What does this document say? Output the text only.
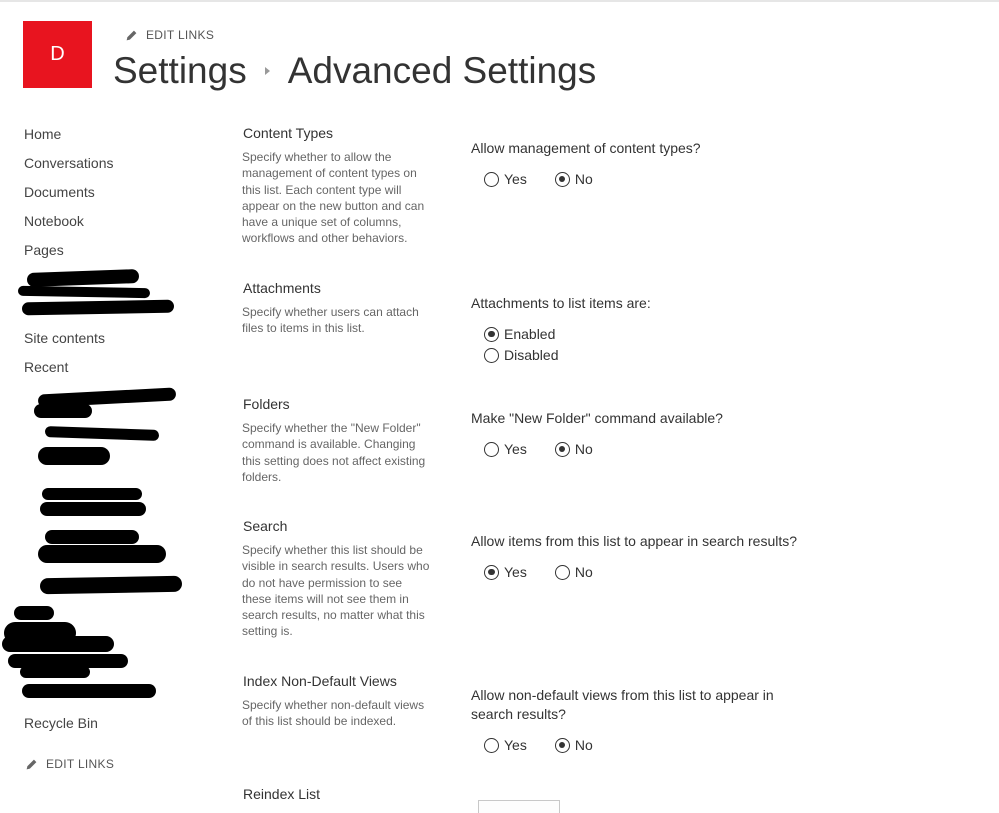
D
EDIT LINKS
Settings Advanced Settings
Home
Conversations
Documents
Notebook
Pages
Site contents
Recent
Recycle Bin
EDIT LINKS
Content Types
Specify whether to allow the management of content types on this list. Each content type will appear on the new button and can have a unique set of columns, workflows and other behaviors.
Allow management of content types?
Yes	No
Attachments
Specify whether users can attach files to items in this list.
Attachments to list items are:
Enabled
Disabled
Folders
Specify whether the "New Folder" command is available. Changing this setting does not affect existing folders.
Make "New Folder" command available?
Yes	No
Search
Specify whether this list should be visible in search results. Users who do not have permission to see these items will not see them in search results, no matter what this setting is.
Allow items from this list to appear in search results?
Yes	No
Index Non-Default Views
Specify whether non-default views of this list should be indexed.
Allow non-default views from this list to appear in search results?
Yes	No
Reindex List
